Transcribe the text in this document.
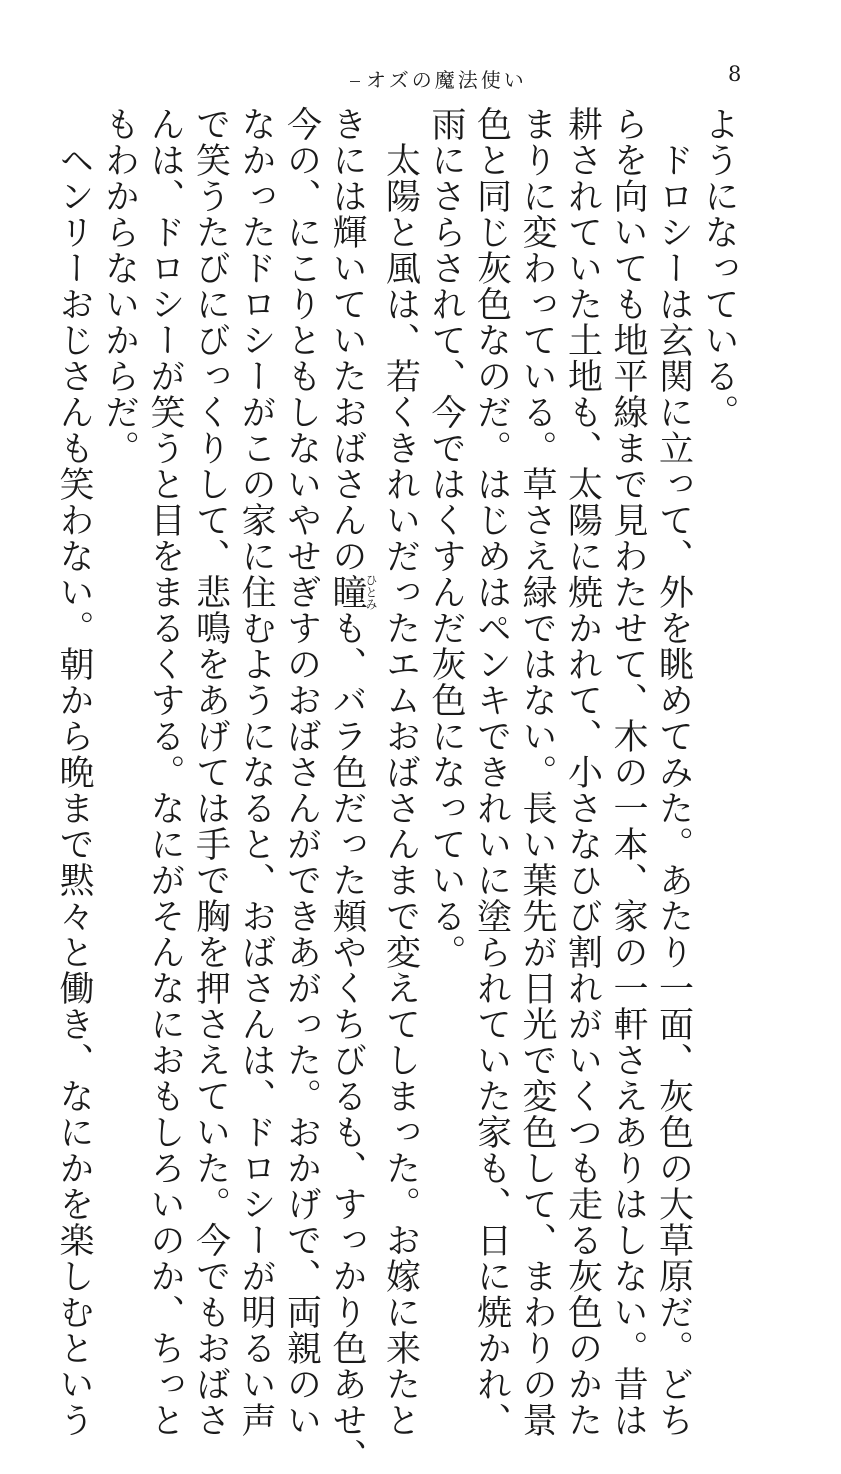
オズの魔法使い	8
ようになっている。
　ドロシーは玄関に立って、外を眺めてみた。あたり一面、灰色の大草原だ。どち
らを向いても地平線まで見わたせて、木の一本、家の一軒さえありはしない。昔は
耕されていた土地も、太陽に焼かれて、小さなひび割れがいくつも走る灰色のかた
まりに変わっている。草さえ緑ではない。長い葉先が日光で変色して、まわりの景
色と同じ灰色なのだ。はじめはペンキできれいに塗られていた家も、日に焼かれ、
雨にさらされて、今ではくすんだ灰色になっている。
　太陽と風は、若くきれいだったエムおばさんまで変えてしまった。お嫁に来たと
きには輝いていたおばさんの瞳ひとみも、バラ色だった頬やくちびるも、すっかり色あせ、
今の、にこりともしないやせぎすのおばさんができあがった。おかげで、両親のい
なかったドロシーがこの家に住むようになると、おばさんは、ドロシーが明るい声
で笑うたびにびっくりして、悲鳴をあげては手で胸を押さえていた。今でもおばさ
んは、ドロシーが笑うと目をまるくする。なにがそんなにおもしろいのか、ちっと
もわからないからだ。
　ヘンリーおじさんも笑わない。朝から晩まで黙々と働き、なにかを楽しむという
